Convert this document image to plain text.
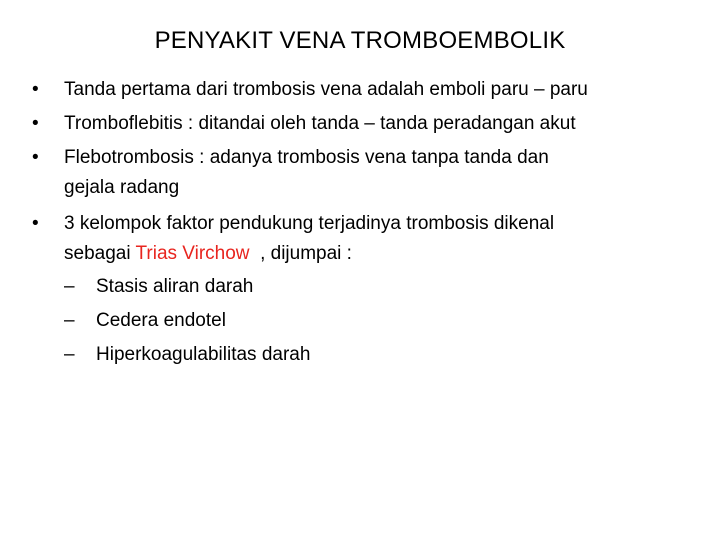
PENYAKIT VENA TROMBOEMBOLIK
•	Tanda pertama dari trombosis vena adalah emboli paru – paru
•	Tromboflebitis : ditandai oleh tanda – tanda peradangan akut
•	Flebotrombosis : adanya trombosis vena tanpa tanda dan
gejala radang
•	3 kelompok faktor pendukung terjadinya trombosis dikenal
sebagai Trias Virchow  , dijumpai :
–	Stasis aliran darah
–	Cedera endotel
–	Hiperkoagulabilitas darah
